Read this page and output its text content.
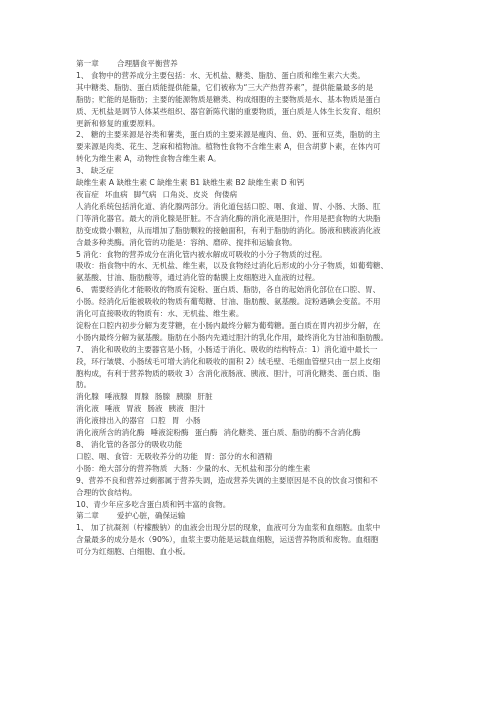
第一章 合理膳食平衡营养
1、 食物中的营养成分主要包括：水、无机盐、糖类、脂肪、蛋白质和维生素六大类。
其中糖类、脂肪、蛋白质能提供能量，它们被称为“三大产热营养素”，提供能量最多的是
脂肪；贮能的是脂肪；主要的能源物质是糖类、构成细胞的主要物质是水、基本物质是蛋白
质、无机盐是调节人体某些组织、器官新陈代谢的重要物质，蛋白质是人体生长发育、组织
更新和修复的重要原料。
2、 糖的主要来源是谷类和薯类，蛋白质的主要来源是瘦肉、鱼、奶、蛋和豆类，脂肪的主
要来源是肉类、花生、芝麻和植物油。植物性食物不含维生素 A，但含胡萝卜素，在体内可
转化为维生素 A，动物性食物含维生素 A。
3、 缺乏症
缺维生素 A 缺维生素 C 缺维生素 B1 缺维生素 B2 缺维生素 D 和钙
夜盲症 坏血病 脚气病 口角炎、皮炎 佝偻病
人消化系统包括消化道、消化腺两部分。消化道包括口腔、咽、食道、胃、小肠、大肠、肛
门等消化器官。最大的消化腺是肝脏。不含消化酶的消化液是胆汁，作用是把食物的大块脂
肪变成微小颗粒，从而增加了脂肪颗粒的接触面积，有利于脂肪的消化。肠液和胰液消化液
含最多种类酶。消化管的功能是：容纳、磨碎、搅拌和运输食物。
5 消化：食物的营养成分在消化管内被水解成可吸收的小分子物质的过程。
吸收：指食物中的水、无机盐、维生素，以及食物经过消化后形成的小分子物质，如葡萄糖、
氨基酸、甘油、脂肪酸等，通过消化管的黏膜上皮细胞进入血液的过程。
6、 需要经消化才能吸收的物质有淀粉、蛋白质、脂肪，各自的起始消化部位在口腔、胃、
小肠。经消化后能被吸收的物质有葡萄糖、甘油、脂肪酸、氨基酸。淀粉遇碘会变蓝。不用
消化可直接吸收的物质有：水、无机盐、维生素。
淀粉在口腔内初步分解为麦芽糖，在小肠内最终分解为葡萄糖。蛋白质在胃内初步分解，在
小肠内最终分解为氨基酸。脂肪在小肠内先通过胆汁的乳化作用，最终消化为甘油和脂肪酸。
7、 消化和吸收的主要器官是小肠，小肠适于消化、吸收的结构特点：1）消化道中最长一
段，环行皱襞、小肠绒毛可增大消化和吸收的面积 2）绒毛壁、毛细血管壁只由一层上皮细
胞构成，有利于营养物质的吸收 3）含消化液肠液、胰液、胆汁，可消化糖类、蛋白质、脂
肪。
消化腺 唾液腺 胃腺 肠腺 胰腺 肝脏
消化液 唾液 胃液 肠液 胰液 胆汁
消化液排出入的器官 口腔 胃 小肠
消化液所含的消化酶 唾液淀粉酶 蛋白酶 消化糖类、蛋白质、脂肪的酶不含消化酶
8、 消化管的各部分的吸收功能
口腔、咽、食管：无吸收养分的功能 胃：部分的水和酒精
小肠：绝大部分的营养物质 大肠：少量的水、无机盐和部分的维生素
9、营养不良和营养过剩都属于营养失调，造成营养失调的主要原因是不良的饮食习惯和不
合理的饮食结构。
10、青少年应多吃含蛋白质和钙丰富的食物。
第二章 爱护心脏，确保运输
1、 加了抗凝剂（柠檬酸钠）的血液会出现分层的现象，血液可分为血浆和血细胞。血浆中
含量最多的成分是水（90%），血浆主要功能是运载血细胞，运送营养物质和废物。血细胞
可分为红细胞、白细胞、血小板。
